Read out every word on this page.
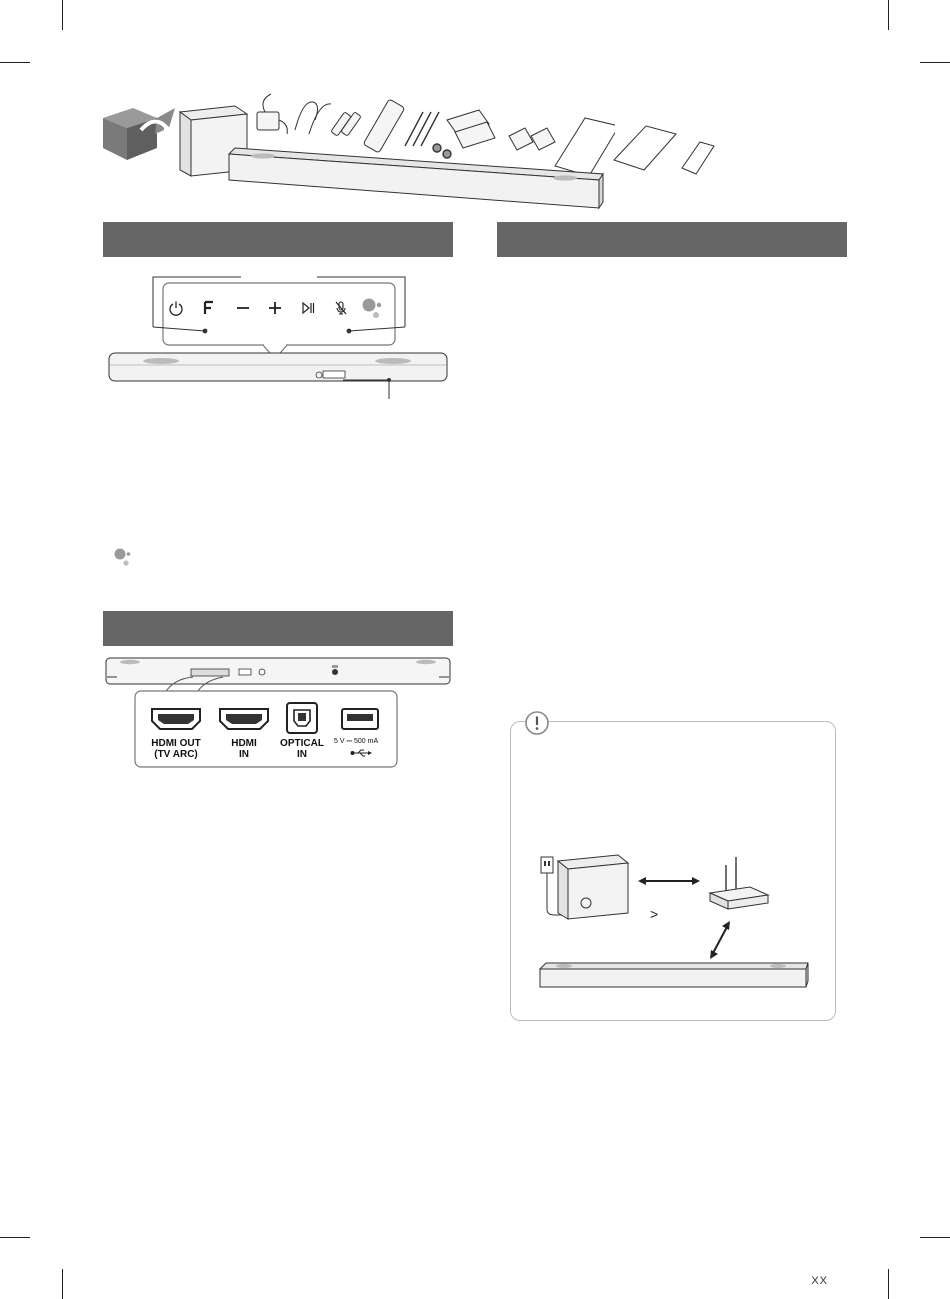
HDMI OUT
(TV ARC)
HDMI
IN
OPTICAL
IN
5 V ⎓ 500 mA
>
XX
